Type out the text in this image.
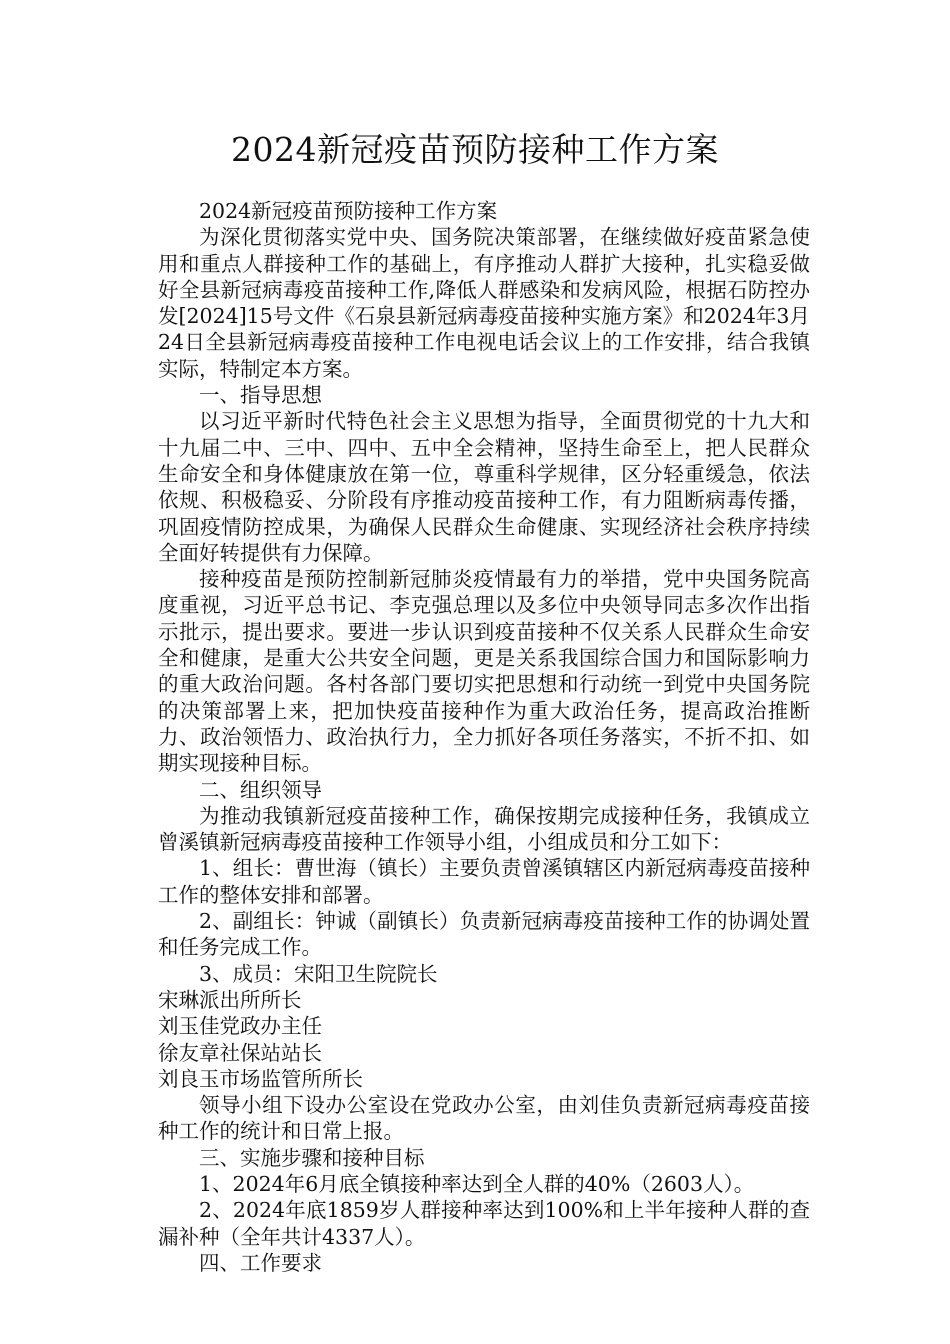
2024新冠疫苗预防接种工作方案

2024新冠疫苗预防接种工作方案

为深化贯彻落实党中央、国务院决策部署，在继续做好疫苗紧急使用和重点人群接种工作的基础上，有序推动人群扩大接种，扎实稳妥做好全县新冠病毒疫苗接种工作,降低人群感染和发病风险，根据石防控办发[2024]15号文件《石泉县新冠病毒疫苗接种实施方案》和2024年3月24日全县新冠病毒疫苗接种工作电视电话会议上的工作安排，结合我镇实际，特制定本方案。

一、指导思想

以习近平新时代特色社会主义思想为指导，全面贯彻党的十九大和十九届二中、三中、四中、五中全会精神，坚持生命至上，把人民群众生命安全和身体健康放在第一位，尊重科学规律，区分轻重缓急，依法依规、积极稳妥、分阶段有序推动疫苗接种工作，有力阻断病毒传播，巩固疫情防控成果，为确保人民群众生命健康、实现经济社会秩序持续全面好转提供有力保障。

接种疫苗是预防控制新冠肺炎疫情最有力的举措，党中央国务院高度重视，习近平总书记、李克强总理以及多位中央领导同志多次作出指示批示，提出要求。要进一步认识到疫苗接种不仅关系人民群众生命安全和健康，是重大公共安全问题，更是关系我国综合国力和国际影响力的重大政治问题。各村各部门要切实把思想和行动统一到党中央国务院的决策部署上来，把加快疫苗接种作为重大政治任务，提高政治推断力、政治领悟力、政治执行力，全力抓好各项任务落实，不折不扣、如期实现接种目标。

二、组织领导

为推动我镇新冠疫苗接种工作，确保按期完成接种任务，我镇成立曾溪镇新冠病毒疫苗接种工作领导小组，小组成员和分工如下：

1、组长：曹世海（镇长）主要负责曾溪镇辖区内新冠病毒疫苗接种工作的整体安排和部署。

2、副组长：钟诚（副镇长）负责新冠病毒疫苗接种工作的协调处置和任务完成工作。

3、成员：宋阳卫生院院长

宋琳派出所所长

刘玉佳党政办主任

徐友章社保站站长

刘良玉市场监管所所长

领导小组下设办公室设在党政办公室，由刘佳负责新冠病毒疫苗接种工作的统计和日常上报。

三、实施步骤和接种目标

1、2024年6月底全镇接种率达到全人群的40%（2603人）。

2、2024年底1859岁人群接种率达到100%和上半年接种人群的查漏补种（全年共计4337人）。

四、工作要求
